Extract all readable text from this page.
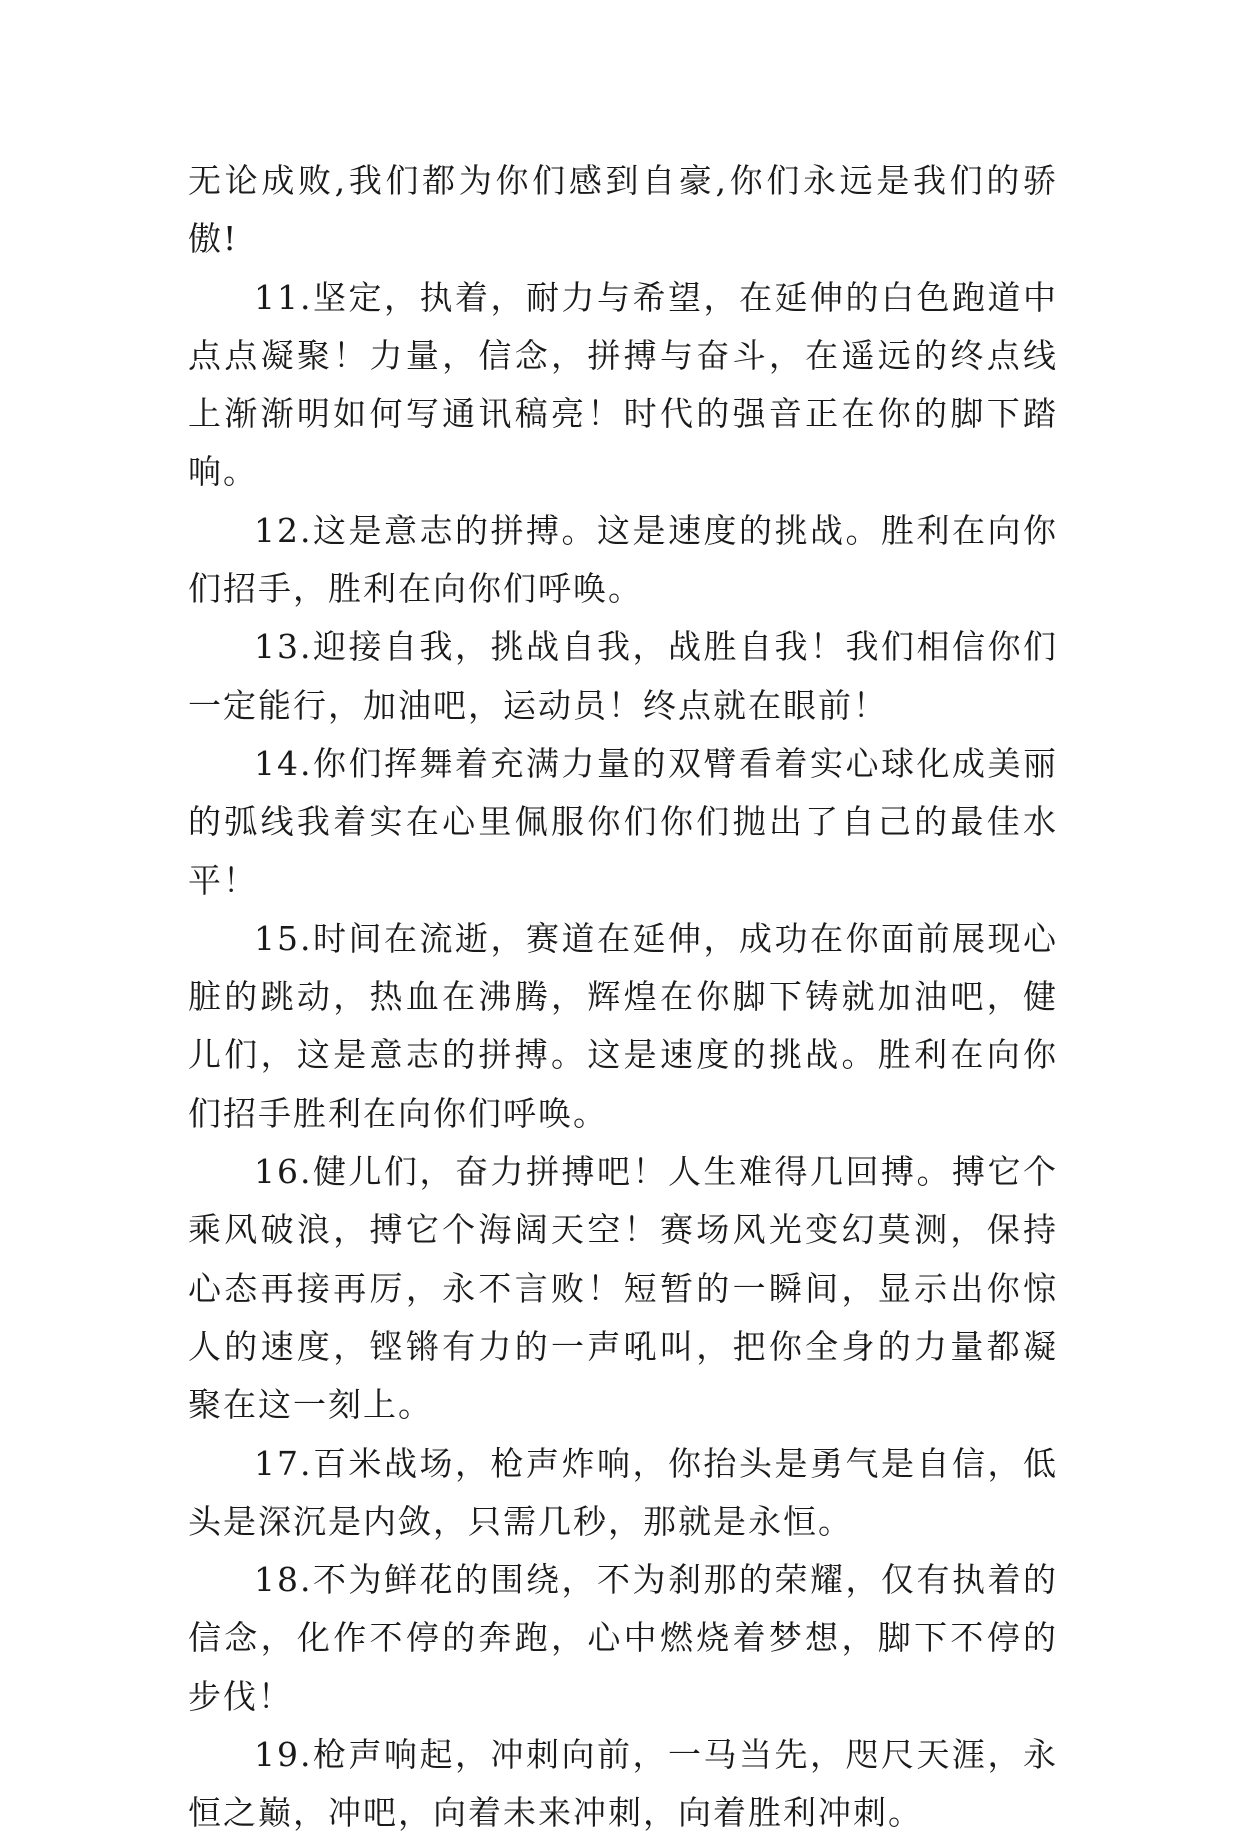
无论成败,我们都为你们感到自豪,你们永远是我们的骄傲!

11.坚定，执着，耐力与希望，在延伸的白色跑道中点点凝聚！力量，信念，拼搏与奋斗，在遥远的终点线上渐渐明如何写通讯稿亮！时代的强音正在你的脚下踏响。

12.这是意志的拼搏。这是速度的挑战。胜利在向你们招手，胜利在向你们呼唤。

13.迎接自我，挑战自我，战胜自我！我们相信你们一定能行，加油吧，运动员！终点就在眼前！

14.你们挥舞着充满力量的双臂看着实心球化成美丽的弧线我着实在心里佩服你们你们抛出了自己的最佳水平！

15.时间在流逝，赛道在延伸，成功在你面前展现心脏的跳动，热血在沸腾，辉煌在你脚下铸就加油吧，健儿们，这是意志的拼搏。这是速度的挑战。胜利在向你们招手胜利在向你们呼唤。

16.健儿们，奋力拼搏吧！人生难得几回搏。搏它个乘风破浪，搏它个海阔天空！赛场风光变幻莫测，保持心态再接再厉，永不言败！短暂的一瞬间，显示出你惊人的速度，铿锵有力的一声吼叫，把你全身的力量都凝聚在这一刻上。

17.百米战场，枪声炸响，你抬头是勇气是自信，低头是深沉是内敛，只需几秒，那就是永恒。

18.不为鲜花的围绕，不为刹那的荣耀，仅有执着的信念，化作不停的奔跑，心中燃烧着梦想，脚下不停的步伐！

19.枪声响起，冲刺向前，一马当先，咫尺天涯，永恒之巅，冲吧，向着未来冲刺，向着胜利冲刺。
